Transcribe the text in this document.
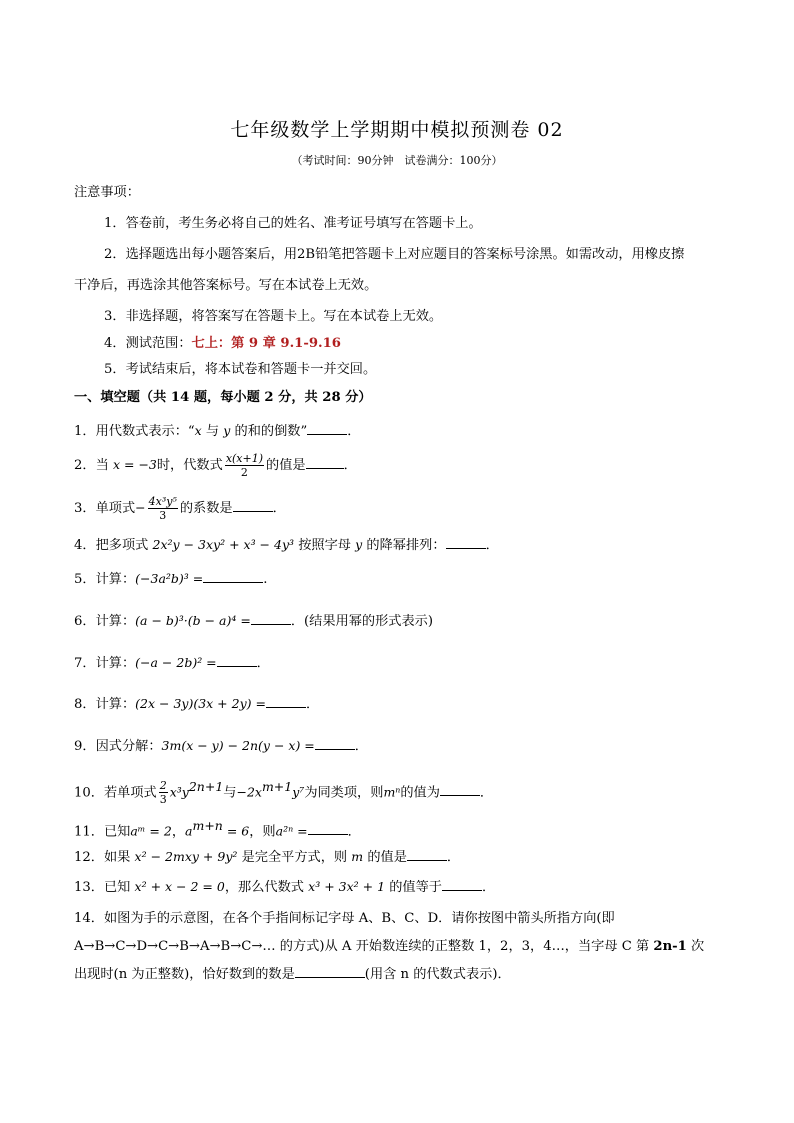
七年级数学上学期期中模拟预测卷 02
（考试时间：90分钟　试卷满分：100分）
注意事项：
1．答卷前，考生务必将自己的姓名、准考证号填写在答题卡上。
2．选择题选出每小题答案后，用2B铅笔把答题卡上对应题目的答案标号涂黑。如需改动，用橡皮擦
干净后，再选涂其他答案标号。写在本试卷上无效。
3．非选择题，将答案写在答题卡上。写在本试卷上无效。
4．测试范围：七上：第 9 章 9.1-9.16
5．考试结束后，将本试卷和答题卡一并交回。
一、填空题（共 14 题，每小题 2 分，共 28 分）
1．用代数式表示：“x 与 y 的和的倒数”	．
2．当 x = −3时，代数式 $\frac{x(x+1)}{2}$ 的值是	．
3．单项式− $\frac{\text{4x³y⁵}}{3}$ 的系数是	．
4．把多项式 2x²y − 3xy² + x³ − 4y³ 按照字母 y 的降幂排列：	．
5．计算：(−3a²b)³ =	.
6．计算：(a − b)³·(b − a)⁴ =	．(结果用幂的形式表示)
7．计算：(−a − 2b)² =	．
8．计算：(2x − 3y)(3x + 2y) =	．
9．因式分解：3m(x − y) − 2n(y − x) =	．
10．若单项式 $\frac{2}{3} x^3y^{2n+1}$与$-2x^{m+1}y^7$为同类项，则mⁿ的值为	．
11．已知aᵐ = 2，$a^{m+n} = 6$，则a²ⁿ =	．
12．如果 x² − 2mxy + 9y² 是完全平方式，则 m 的值是	．
13．已知 x² + x − 2 = 0，那么代数式 x³ + 3x² + 1 的值等于	．
14．如图为手的示意图，在各个手指间标记字母 A、B、C、D．请你按图中箭头所指方向(即
A→B→C→D→C→B→A→B→C→… 的方式)从 A 开始数连续的正整数 1，2，3，4…，当字母 C 第 2n-1 次
出现时(n 为正整数)，恰好数到的数是	(用含 n 的代数式表示)．
